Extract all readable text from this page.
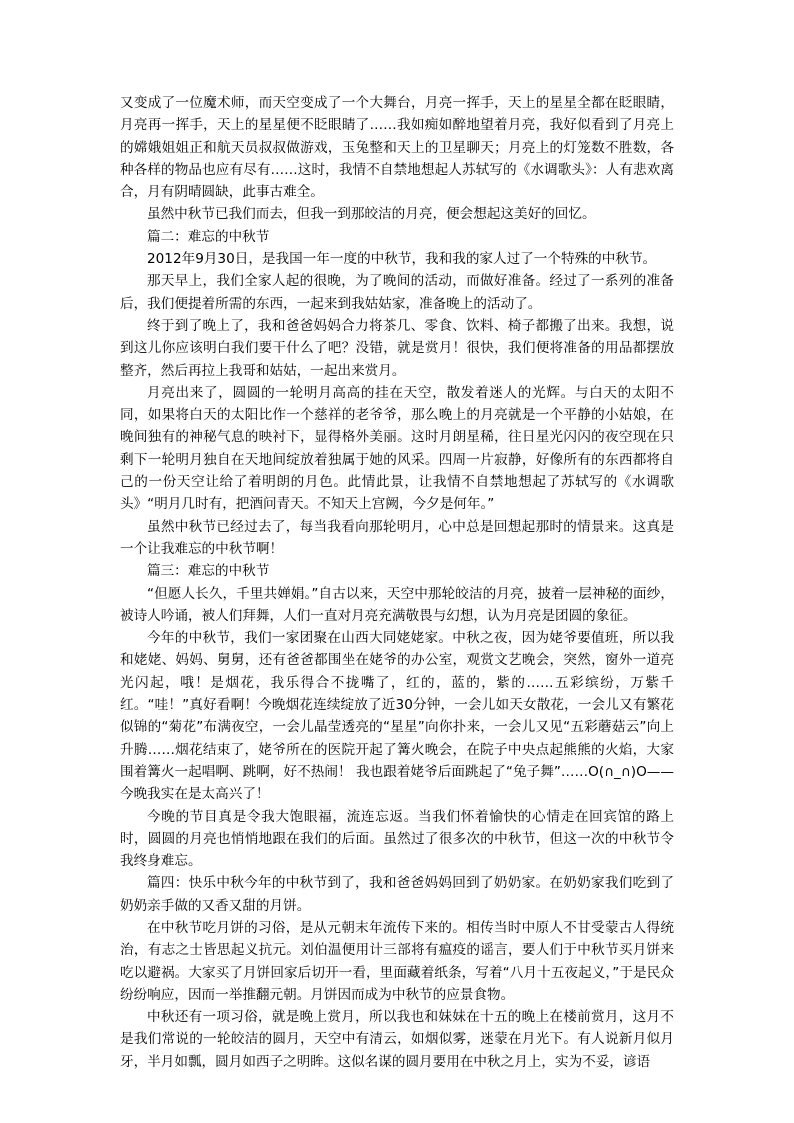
又变成了一位魔术师，而天空变成了一个大舞台，月亮一挥手，天上的星星全都在眨眼睛，月亮再一挥手，天上的星星便不眨眼睛了……我如痴如醉地望着月亮，我好似看到了月亮上的嫦娥姐姐正和航天员叔叔做游戏，玉兔整和天上的卫星聊天；月亮上的灯笼数不胜数，各种各样的物品也应有尽有……这时，我情不自禁地想起人苏轼写的《水调歌头》：人有悲欢离合，月有阴晴圆缺，此事古难全。

虽然中秋节已我们而去，但我一到那皎洁的月亮，便会想起这美好的回忆。

篇二：难忘的中秋节

2012年9月30日，是我国一年一度的中秋节，我和我的家人过了一个特殊的中秋节。

那天早上，我们全家人起的很晚，为了晚间的活动，而做好准备。经过了一系列的准备后，我们便提着所需的东西，一起来到我姑姑家，准备晚上的活动了。

终于到了晚上了，我和爸爸妈妈合力将茶几、零食、饮料、椅子都搬了出来。我想，说到这儿你应该明白我们要干什么了吧？没错，就是赏月！很快，我们便将准备的用品都摆放整齐，然后再拉上我哥和姑姑，一起出来赏月。

月亮出来了，圆圆的一轮明月高高的挂在天空，散发着迷人的光辉。与白天的太阳不同，如果将白天的太阳比作一个慈祥的老爷爷，那么晚上的月亮就是一个平静的小姑娘，在晚间独有的神秘气息的映衬下，显得格外美丽。这时月朗星稀，往日星光闪闪的夜空现在只剩下一轮明月独自在天地间绽放着独属于她的风采。四周一片寂静，好像所有的东西都将自己的一份天空让给了着明朗的月色。此情此景，让我情不自禁地想起了苏轼写的《水调歌头》“明月几时有，把酒问青天。不知天上宫阙，今夕是何年。”

虽然中秋节已经过去了，每当我看向那轮明月，心中总是回想起那时的情景来。这真是一个让我难忘的中秋节啊！

篇三：难忘的中秋节

“但愿人长久，千里共婵娟。”自古以来，天空中那轮皎洁的月亮，披着一层神秘的面纱，被诗人吟诵，被人们拜舞，人们一直对月亮充满敬畏与幻想，认为月亮是团圆的象征。

今年的中秋节，我们一家团聚在山西大同姥姥家。中秋之夜，因为姥爷要值班，所以我和姥姥、妈妈、舅舅，还有爸爸都围坐在姥爷的办公室，观赏文艺晚会，突然，窗外一道亮光闪起，哦！是烟花，我乐得合不拢嘴了，红的，蓝的，紫的……五彩缤纷，万紫千红。“哇！”真好看啊！今晚烟花连续绽放了近30分钟，一会儿如天女散花，一会儿又有繁花似锦的“菊花”布满夜空，一会儿晶莹透亮的“星星”向你扑来，一会儿又见“五彩蘑菇云”向上升腾……烟花结束了，姥爷所在的医院开起了篝火晚会，在院子中央点起熊熊的火焰，大家围着篝火一起唱啊、跳啊，好不热闹！ 我也跟着姥爷后面跳起了“兔子舞”……O(∩_∩)O——今晚我实在是太高兴了！

今晚的节目真是令我大饱眼福，流连忘返。当我们怀着愉快的心情走在回宾馆的路上时，圆圆的月亮也悄悄地跟在我们的后面。虽然过了很多次的中秋节，但这一次的中秋节令我终身难忘。

篇四：快乐中秋今年的中秋节到了，我和爸爸妈妈回到了奶奶家。在奶奶家我们吃到了奶奶亲手做的又香又甜的月饼。

在中秋节吃月饼的习俗，是从元朝末年流传下来的。相传当时中原人不甘受蒙古人得统治，有志之士皆思起义抗元。刘伯温便用计三部将有瘟疫的谣言，要人们于中秋节买月饼来吃以避祸。大家买了月饼回家后切开一看，里面藏着纸条，写着“八月十五夜起义，”于是民众纷纷响应，因而一举推翻元朝。月饼因而成为中秋节的应景食物。

中秋还有一项习俗，就是晚上赏月，所以我也和妹妹在十五的晚上在楼前赏月，这月不是我们常说的一轮皎洁的圆月，天空中有清云，如烟似雾，迷蒙在月光下。有人说新月似月牙，半月如瓢，圆月如西子之明眸。这似名谋的圆月要用在中秋之月上，实为不妥，谚语
